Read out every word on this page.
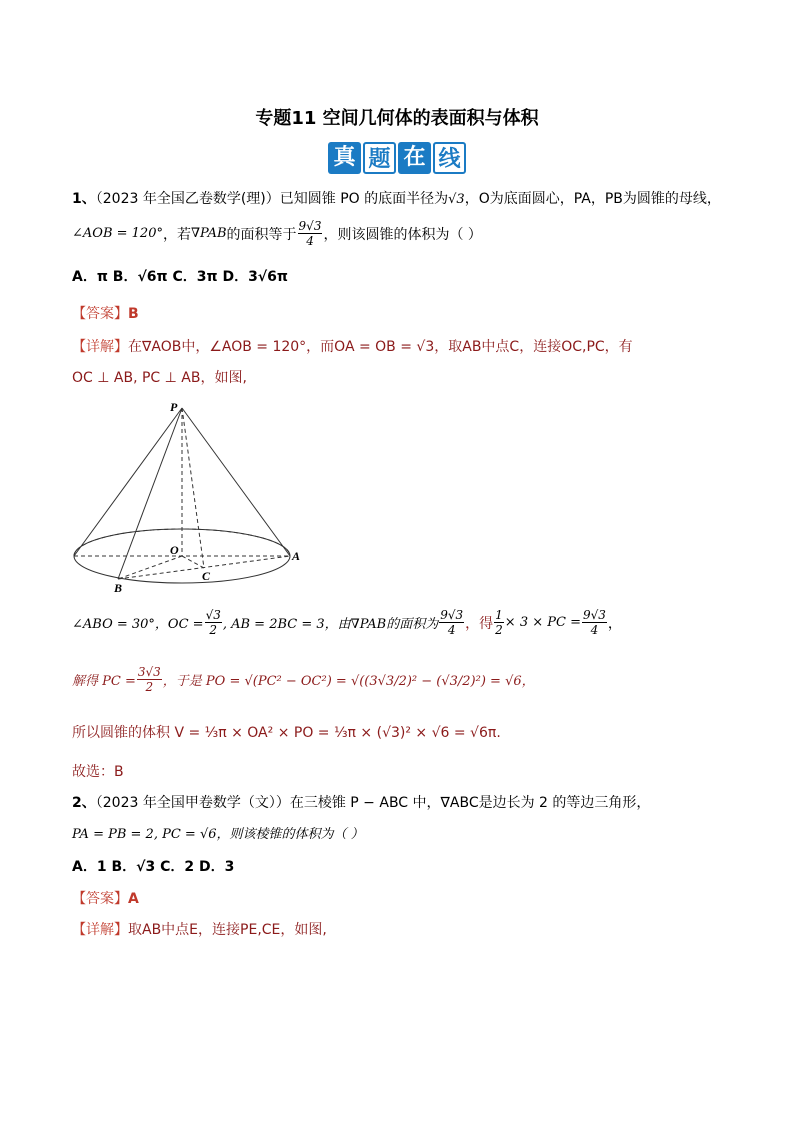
专题11 空间几何体的表面积与体积
真 题 在 线
1、（2023 年全国乙卷数学(理)）已知圆锥 PO 的底面半径为√3，O为底面圆心，PA，PB为圆锥的母线，
∠AOB = 120° ，若 ∇PAB 的面积等于 $\frac{9√3}{4}$ ，则该圆锥的体积为（ ）
A．π B．√6π C．3π D．3√6π
【答案】B
【详解】在∇AOB中，∠AOB = 120°，而OA = OB = √3，取AB中点C，连接OC,PC，有
OC ⊥ AB, PC ⊥ AB，如图,
P
O	A
B
C
∠ABO = 30°，OC = $\frac{√3}{2}$ , AB = 2BC = 3，由∇PAB的面积为 $\frac{9√3}{4}$ ，得 $\frac{1}{2} \times 3$ × PC = $\frac{9√3}{4}$ ，
解得 PC = $\frac{3√3}{2}$ ，于是 PO = √(PC² − OC²) = √((3√3/2)² − (√3/2)²) = √6，
所以圆锥的体积 V = ⅓π × OA² × PO = ⅓π × (√3)² × √6 = √6π.
故选：B
2、（2023 年全国甲卷数学（文））在三棱锥 P − ABC 中，∇ABC是边长为 2 的等边三角形，
PA = PB = 2, PC = √6，则该棱锥的体积为（ ）
A．1 B．√3 C．2 D．3
【答案】A
【详解】取AB中点E，连接PE,CE，如图,
